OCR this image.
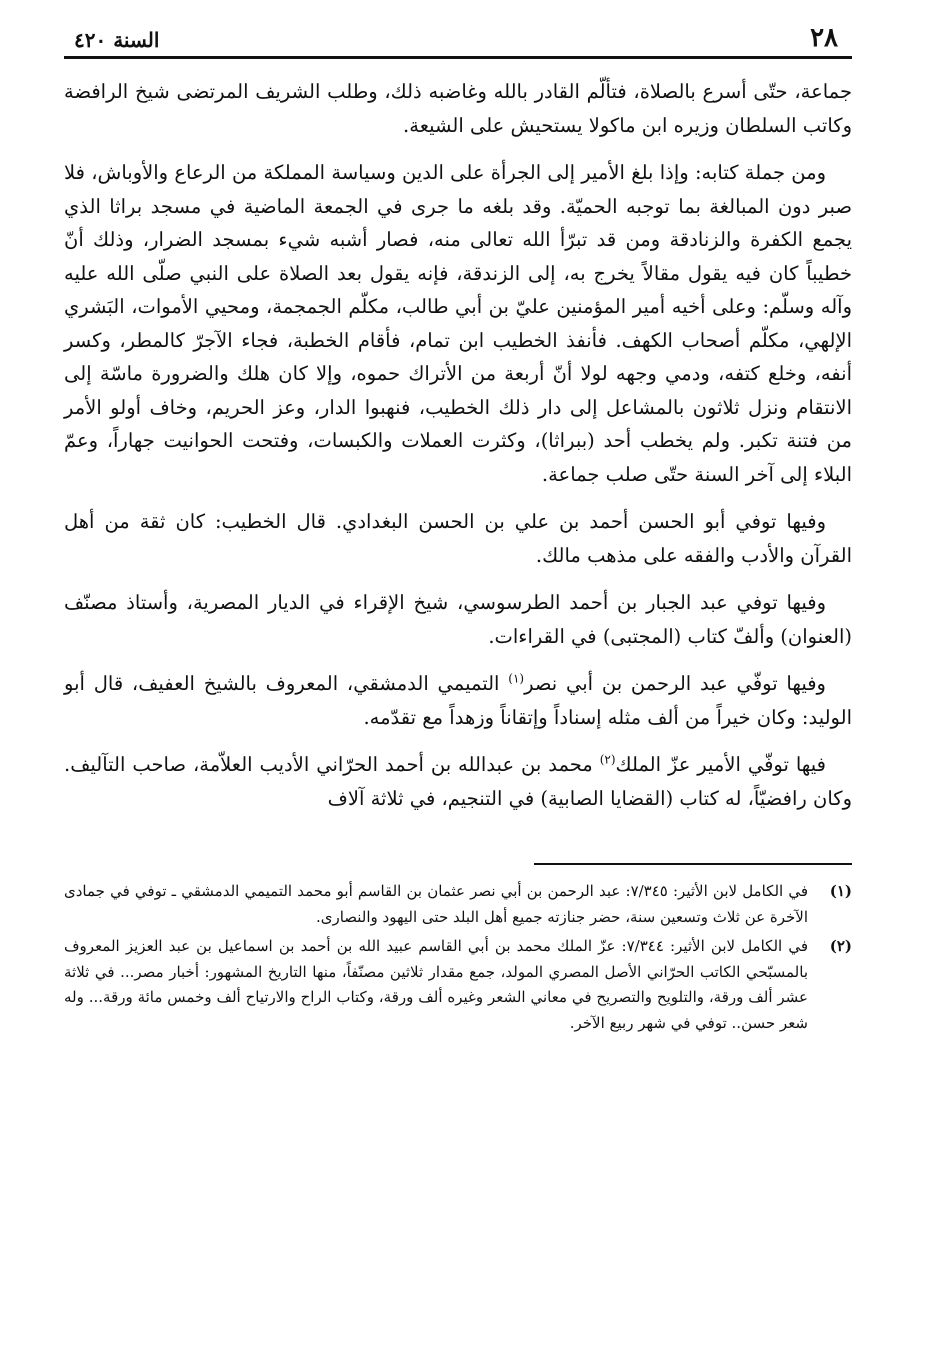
٢٨
السنة ٤٢٠

جماعة، حتّى أسرع بالصلاة، فتألّم القادر بالله وغاضبه ذلك، وطلب الشريف المرتضى شيخ الرافضة وكاتب السلطان وزيره ابن ماكولا يستحيش على الشيعة.

ومن جملة كتابه: وإذا بلغ الأمير إلى الجرأة على الدين وسياسة المملكة من الرعاع والأوباش، فلا صبر دون المبالغة بما توجبه الحميّة. وقد بلغه ما جرى في الجمعة الماضية في مسجد براثا الذي يجمع الكفرة والزنادقة ومن قد تبرّأ الله تعالى منه، فصار أشبه شيء بمسجد الضرار، وذلك أنّ خطيباً كان فيه يقول مقالاً يخرج به، إلى الزندقة، فإنه يقول بعد الصلاة على النبي صلّى الله عليه وآله وسلّم: وعلى أخيه أمير المؤمنين عليّ بن أبي طالب، مكلّم الجمجمة، ومحيي الأموات، البَشري الإلهي، مكلّم أصحاب الكهف. فأنفذ الخطيب ابن تمام، فأقام الخطبة، فجاء الآجرّ كالمطر، وكسر أنفه، وخلع كتفه، ودمي وجهه لولا أنّ أربعة من الأتراك حموه، وإلا كان هلك والضرورة ماسّة إلى الانتقام ونزل ثلاثون بالمشاعل إلى دار ذلك الخطيب، فنهبوا الدار، وعز الحريم، وخاف أولو الأمر من فتنة تكبر. ولم يخطب أحد (ببراثا)، وكثرت العملات والكبسات، وفتحت الحوانيت جهاراً، وعمّ البلاء إلى آخر السنة حتّى صلب جماعة.

وفيها توفي أبو الحسن أحمد بن علي بن الحسن البغدادي. قال الخطيب: كان ثقة من أهل القرآن والأدب والفقه على مذهب مالك.

وفيها توفي عبد الجبار بن أحمد الطرسوسي، شيخ الإقراء في الديار المصرية، وأستاذ مصنّف (العنوان) وألفّ كتاب (المجتبى) في القراءات.

وفيها توفّي عبد الرحمن بن أبي نصر$^{(١)}$ التميمي الدمشقي، المعروف بالشيخ العفيف، قال أبو الوليد: وكان خيراً من ألف مثله إسناداً وإتقاناً وزهداً مع تقدّمه.

فيها توفّي الأمير عزّ الملك$^{(٢)}$ محمد بن عبدالله بن أحمد الحرّاني الأديب العلاّمة، صاحب التآليف. وكان رافضيّاً، له كتاب (القضايا الصابية) في التنجيم، في ثلاثة آلاف

(١)
في الكامل لابن الأثير: ٧/٣٤٥: عبد الرحمن بن أبي نصر عثمان بن القاسم أبو محمد التميمي الدمشقي ـ توفي في جمادى الآخرة عن ثلاث وتسعين سنة، حضر جنازته جميع أهل البلد حتى اليهود والنصارى.
(٢)
في الكامل لابن الأثير: ٧/٣٤٤: عزّ الملك محمد بن أبي القاسم عبيد الله بن أحمد بن اسماعيل بن عبد العزيز المعروف بالمسبّحي الكاتب الحرّاني الأصل المصري المولد، جمع مقدار ثلاثين مصنّفاً، منها التاريخ المشهور: أخبار مصر... في ثلاثة عشر ألف ورقة، والتلويح والتصريح في معاني الشعر وغيره ألف ورقة، وكتاب الراح والارتياح ألف وخمس مائة ورقة... وله شعر حسن.. توفي في شهر ربيع الآخر.
